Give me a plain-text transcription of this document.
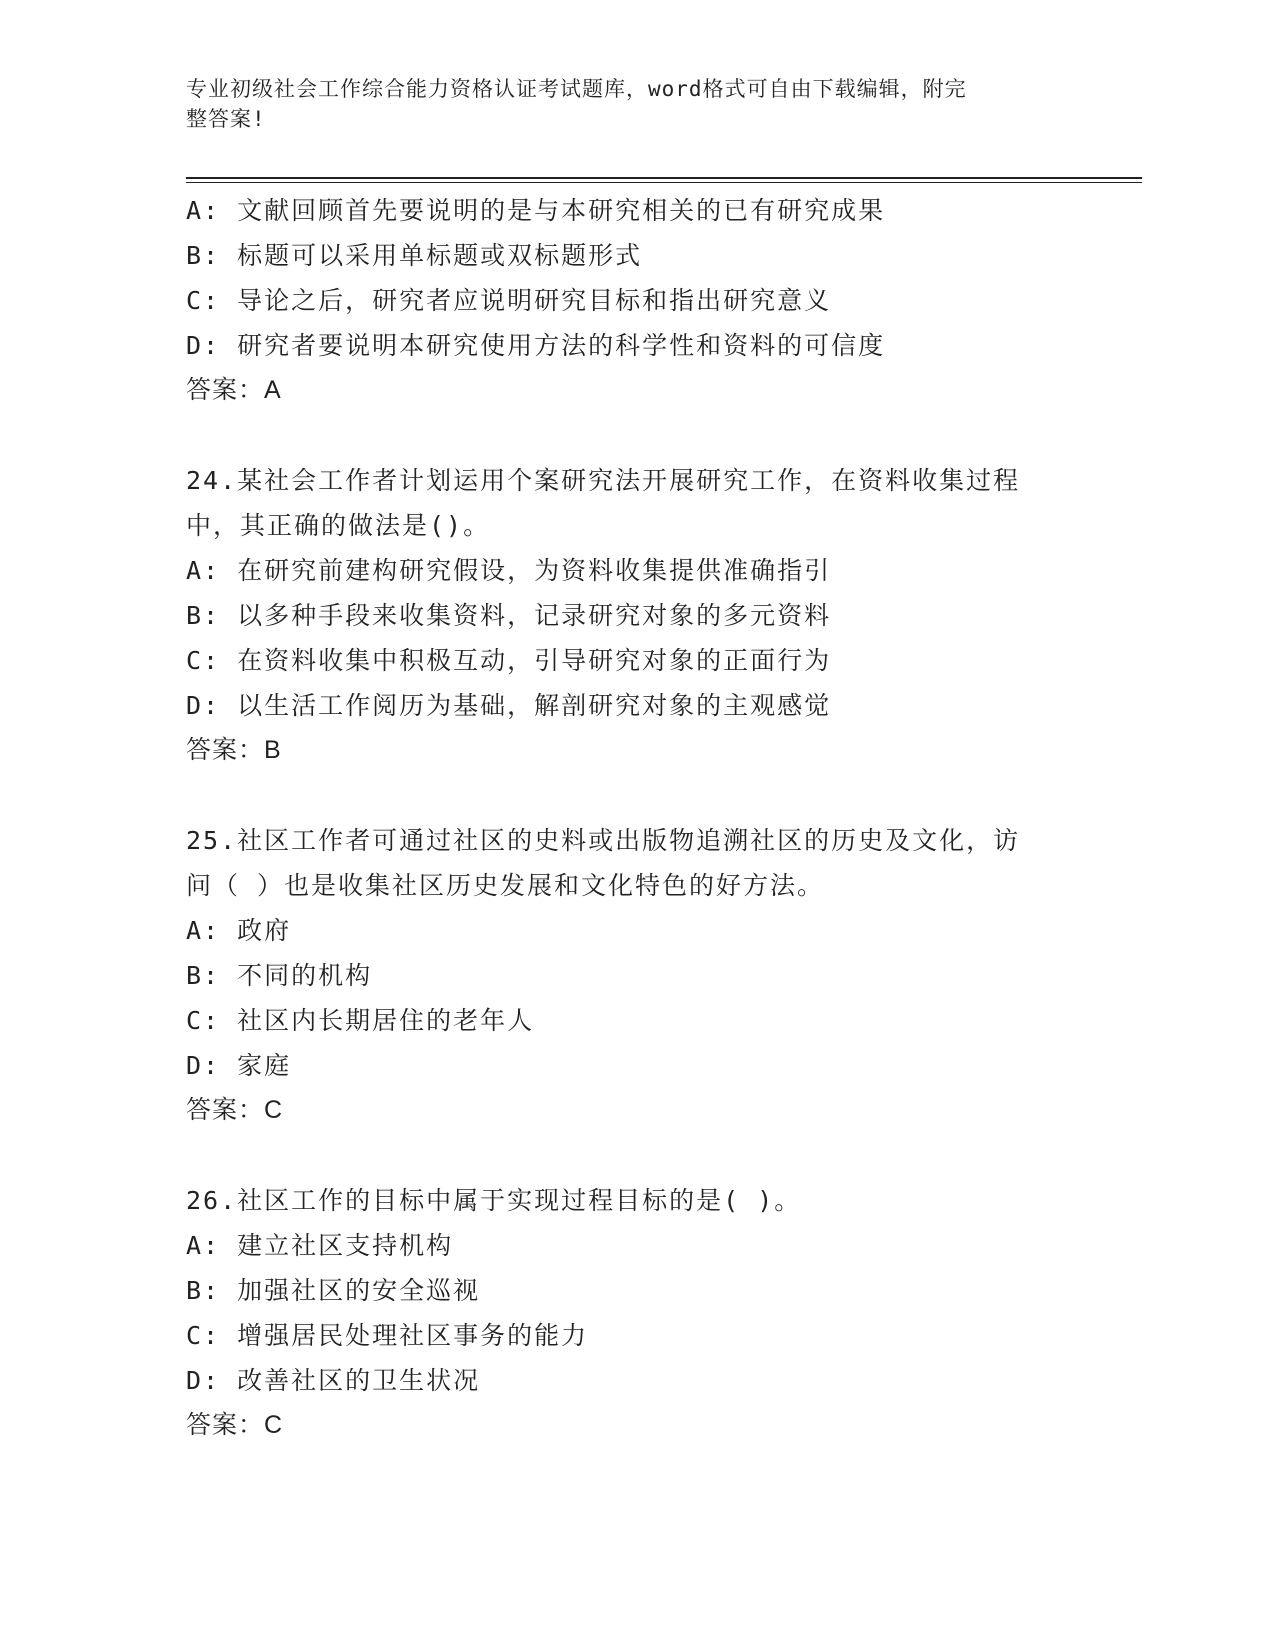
专业初级社会工作综合能力资格认证考试题库，word格式可自由下载编辑，附完
整答案!
A: 文献回顾首先要说明的是与本研究相关的已有研究成果
B: 标题可以采用单标题或双标题形式
C: 导论之后，研究者应说明研究目标和指出研究意义
D: 研究者要说明本研究使用方法的科学性和资料的可信度
答案：A
24.某社会工作者计划运用个案研究法开展研究工作，在资料收集过程
中，其正确的做法是()。
A: 在研究前建构研究假设，为资料收集提供准确指引
B: 以多种手段来收集资料，记录研究对象的多元资料
C: 在资料收集中积极互动，引导研究对象的正面行为
D: 以生活工作阅历为基础，解剖研究对象的主观感觉
答案：B
25.社区工作者可通过社区的史料或出版物追溯社区的历史及文化，访
问（ ）也是收集社区历史发展和文化特色的好方法。
A: 政府
B: 不同的机构
C: 社区内长期居住的老年人
D: 家庭
答案：C
26.社区工作的目标中属于实现过程目标的是( )。
A: 建立社区支持机构
B: 加强社区的安全巡视
C: 增强居民处理社区事务的能力
D: 改善社区的卫生状况
答案：C
